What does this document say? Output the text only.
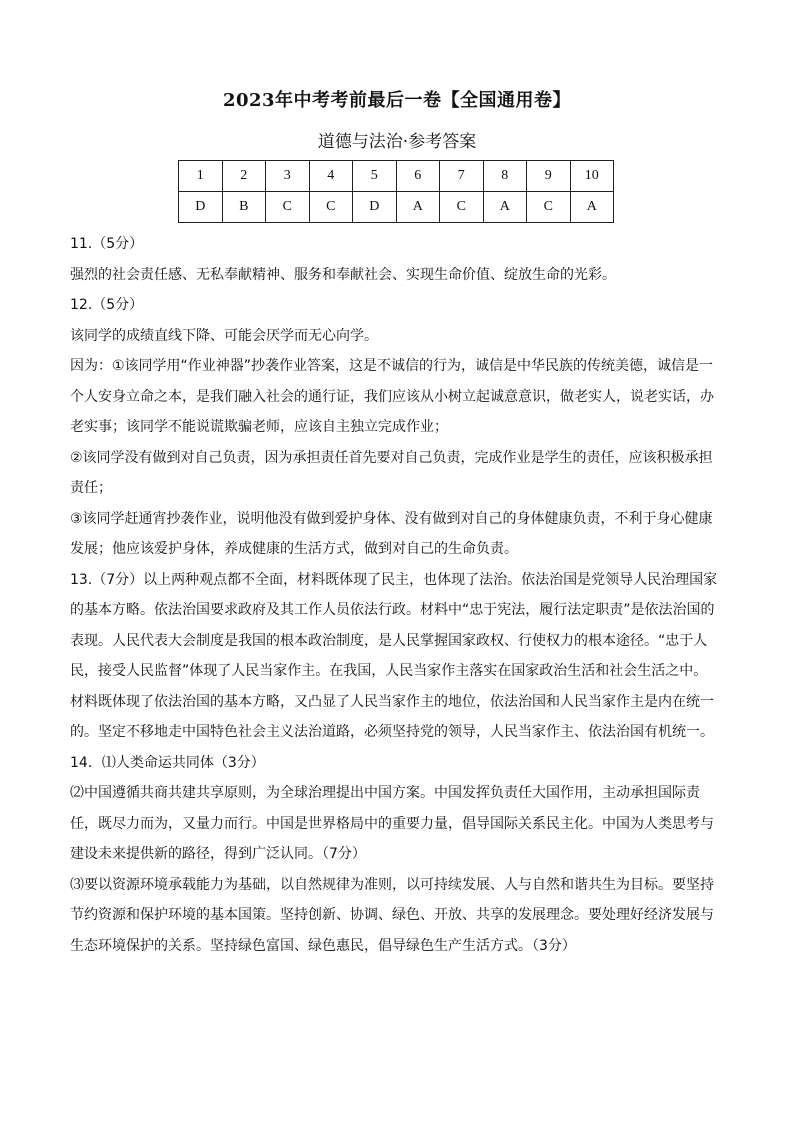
2023年中考考前最后一卷【全国通用卷】
道德与法治·参考答案
1	2	3	4	5	6	7	8	9	10
D	B	C	C	D	A	C	A	C	A

11.（5分）

强烈的社会责任感、无私奉献精神、服务和奉献社会、实现生命价值、绽放生命的光彩。

12.（5分）

该同学的成绩直线下降、可能会厌学而无心向学。

因为：①该同学用“作业神器”抄袭作业答案，这是不诚信的行为，诚信是中华民族的传统美德，诚信是一个人安身立命之本，是我们融入社会的通行证，我们应该从小树立起诚意意识，做老实人，说老实话，办老实事；该同学不能说谎欺骗老师，应该自主独立完成作业；

②该同学没有做到对自己负责，因为承担责任首先要对自己负责，完成作业是学生的责任，应该积极承担责任；

③该同学赶通宵抄袭作业，说明他没有做到爱护身体、没有做到对自己的身体健康负责，不利于身心健康发展；他应该爱护身体，养成健康的生活方式，做到对自己的生命负责。

13.（7分）以上两种观点都不全面，材料既体现了民主，也体现了法治。依法治国是党领导人民治理国家的基本方略。依法治国要求政府及其工作人员依法行政。材料中“忠于宪法，履行法定职责”是依法治国的表现。人民代表大会制度是我国的根本政治制度，是人民掌握国家政权、行使权力的根本途径。“忠于人民，接受人民监督”体现了人民当家作主。在我国，人民当家作主落实在国家政治生活和社会生活之中。材料既体现了依法治国的基本方略，又凸显了人民当家作主的地位，依法治国和人民当家作主是内在统一的。坚定不移地走中国特色社会主义法治道路，必须坚持党的领导，人民当家作主、依法治国有机统一。

14．⑴人类命运共同体（3分）

⑵中国遵循共商共建共享原则，为全球治理提出中国方案。中国发挥负责任大国作用，主动承担国际责任，既尽力而为，又量力而行。中国是世界格局中的重要力量，倡导国际关系民主化。中国为人类思考与建设未来提供新的路径，得到广泛认同。（7分）

⑶要以资源环境承载能力为基础，以自然规律为准则，以可持续发展、人与自然和谐共生为目标。要坚持节约资源和保护环境的基本国策。坚持创新、协调、绿色、开放、共享的发展理念。要处理好经济发展与生态环境保护的关系。坚持绿色富国、绿色惠民，倡导绿色生产生活方式。（3分）
